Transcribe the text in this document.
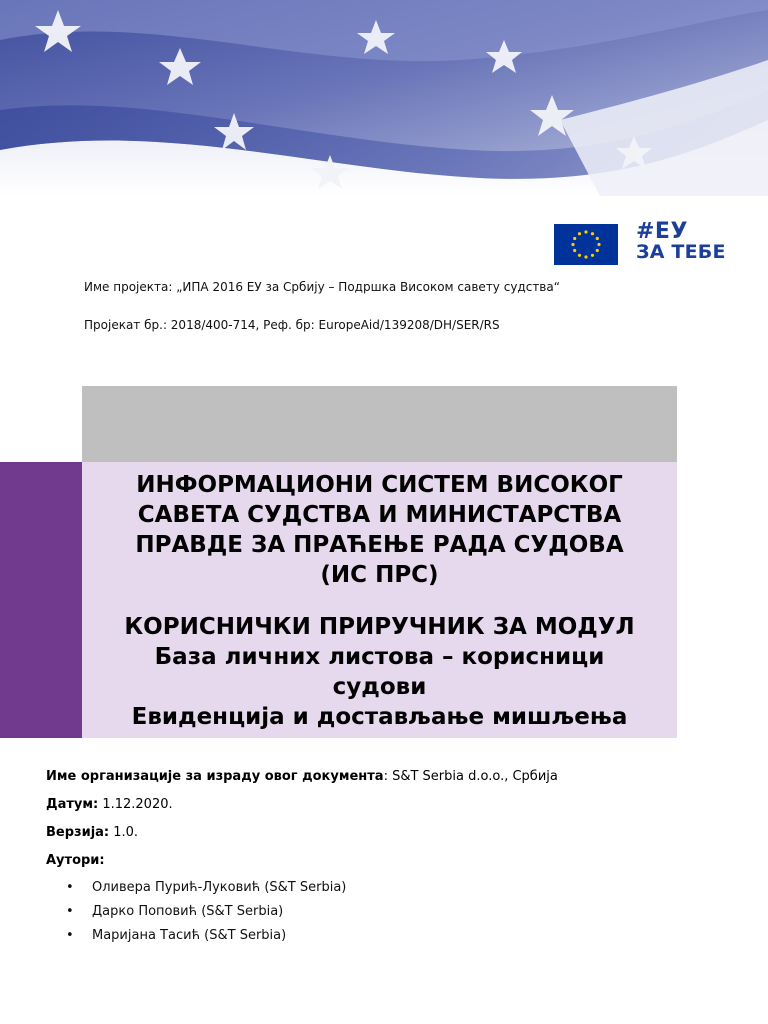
#ЕУ
ЗА ТЕБЕ
Име пројекта: „ИПА 2016 ЕУ за Србију – Подршка Високом савету судства“
Пројекат бр.: 2018/400-714, Реф. бр: EuropeAid/139208/DH/SER/RS
ИНФОРМАЦИОНИ СИСТЕМ ВИСОКОГ
САВЕТА СУДСТВА И МИНИСТАРСТВА
ПРАВДЕ ЗА ПРАЋЕЊЕ РАДА СУДОВА
(ИС ПРС)
КОРИСНИЧКИ ПРИРУЧНИК ЗА МОДУЛ
База личних листова – корисници
судови
Евиденција и достављање мишљења
Име организације за израду овог документа: S&T Serbia d.o.o., Србија
Датум: 1.12.2020.
Верзија: 1.0.
Аутори:
• Оливера Пурић-Луковић (S&T Serbia)
• Дарко Поповић (S&T Serbia)
• Маријана Тасић (S&T Serbia)
